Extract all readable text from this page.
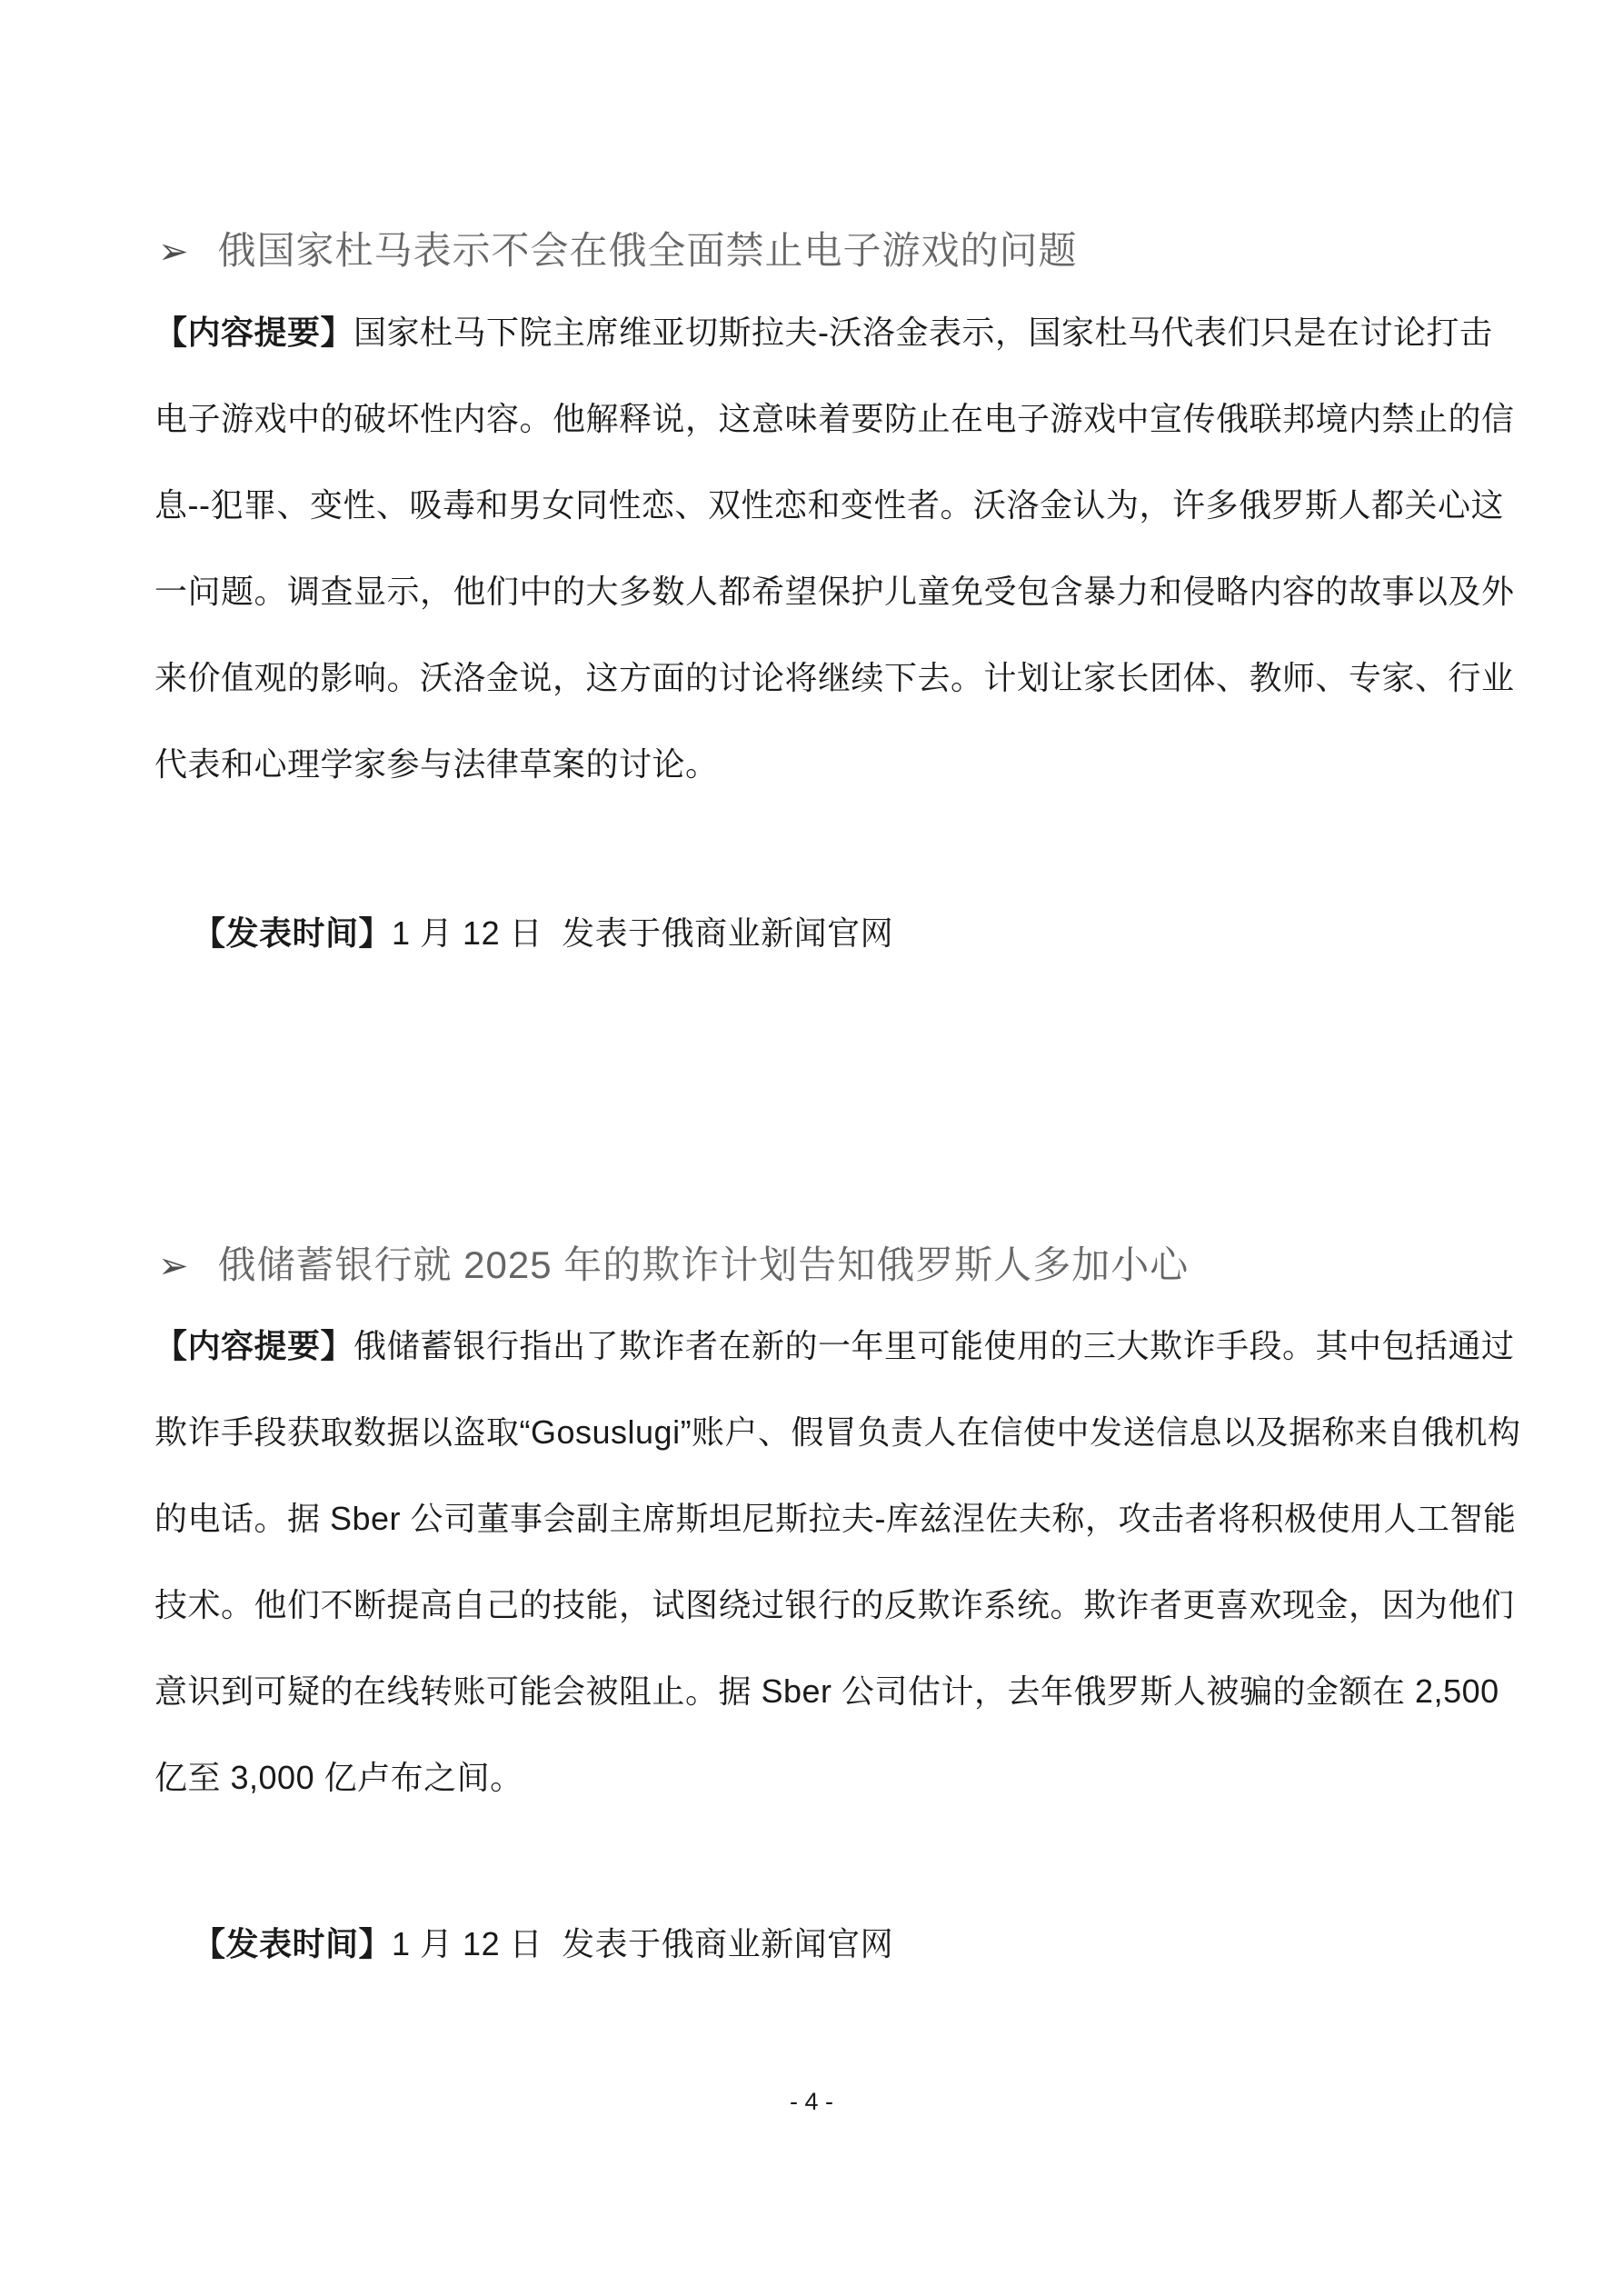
➢ 俄国家杜马表示不会在俄全面禁止电子游戏的问题
【内容提要】国家杜马下院主席维亚切斯拉夫-沃洛金表示，国家杜马代表们只是在讨论打击
电子游戏中的破坏性内容。他解释说，这意味着要防止在电子游戏中宣传俄联邦境内禁止的信
息--犯罪、变性、吸毒和男女同性恋、双性恋和变性者。沃洛金认为，许多俄罗斯人都关心这
一问题。调查显示，他们中的大多数人都希望保护儿童免受包含暴力和侵略内容的故事以及外
来价值观的影响。沃洛金说，这方面的讨论将继续下去。计划让家长团体、教师、专家、行业
代表和心理学家参与法律草案的讨论。

【发表时间】1 月 12 日  发表于俄商业新闻官网

➢ 俄储蓄银行就 2025 年的欺诈计划告知俄罗斯人多加小心
【内容提要】俄储蓄银行指出了欺诈者在新的一年里可能使用的三大欺诈手段。其中包括通过
欺诈手段获取数据以盗取“Gosuslugi”账户、假冒负责人在信使中发送信息以及据称来自俄机构
的电话。据 Sber 公司董事会副主席斯坦尼斯拉夫-库兹涅佐夫称，攻击者将积极使用人工智能
技术。他们不断提高自己的技能，试图绕过银行的反欺诈系统。欺诈者更喜欢现金，因为他们
意识到可疑的在线转账可能会被阻止。据 Sber 公司估计，去年俄罗斯人被骗的金额在 2,500
亿至 3,000 亿卢布之间。

【发表时间】1 月 12 日  发表于俄商业新闻官网

- 4 -
